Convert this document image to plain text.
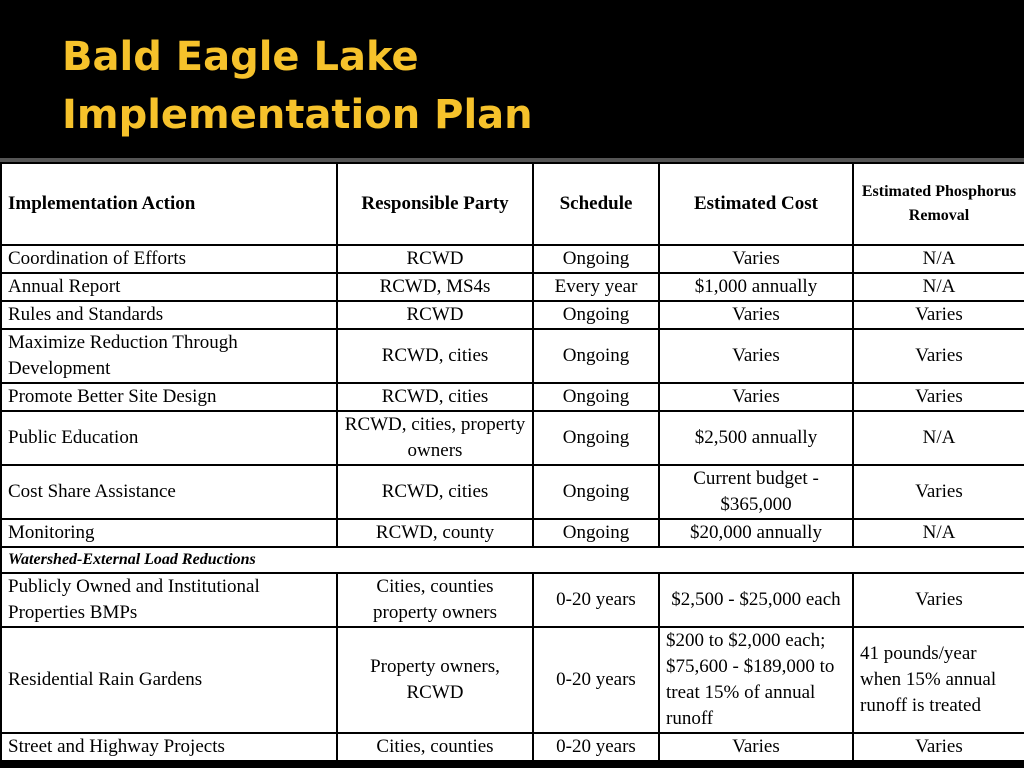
Bald Eagle Lake
Implementation Plan
Implementation Action	Responsible Party	Schedule	Estimated Cost	Estimated Phosphorus Removal
Coordination of Efforts	RCWD	Ongoing	Varies	N/A
Annual Report	RCWD, MS4s	Every year	$1,000 annually	N/A
Rules and Standards	RCWD	Ongoing	Varies	Varies
Maximize Reduction Through Development	RCWD, cities	Ongoing	Varies	Varies
Promote Better Site Design	RCWD, cities	Ongoing	Varies	Varies
Public Education	RCWD, cities, property owners	Ongoing	$2,500 annually	N/A
Cost Share Assistance	RCWD, cities	Ongoing	Current budget - $365,000	Varies
Monitoring	RCWD, county	Ongoing	$20,000 annually	N/A
Watershed-External Load Reductions				
Publicly Owned and Institutional Properties BMPs	Cities, counties property owners	0-20 years	$2,500 - $25,000 each	Varies
Residential Rain Gardens	Property owners, RCWD	0-20 years	$200 to $2,000 each; $75,600 - $189,000 to treat 15% of annual runoff	41 pounds/year when 15% annual runoff is treated
Street and Highway Projects	Cities, counties	0-20 years	Varies	Varies
